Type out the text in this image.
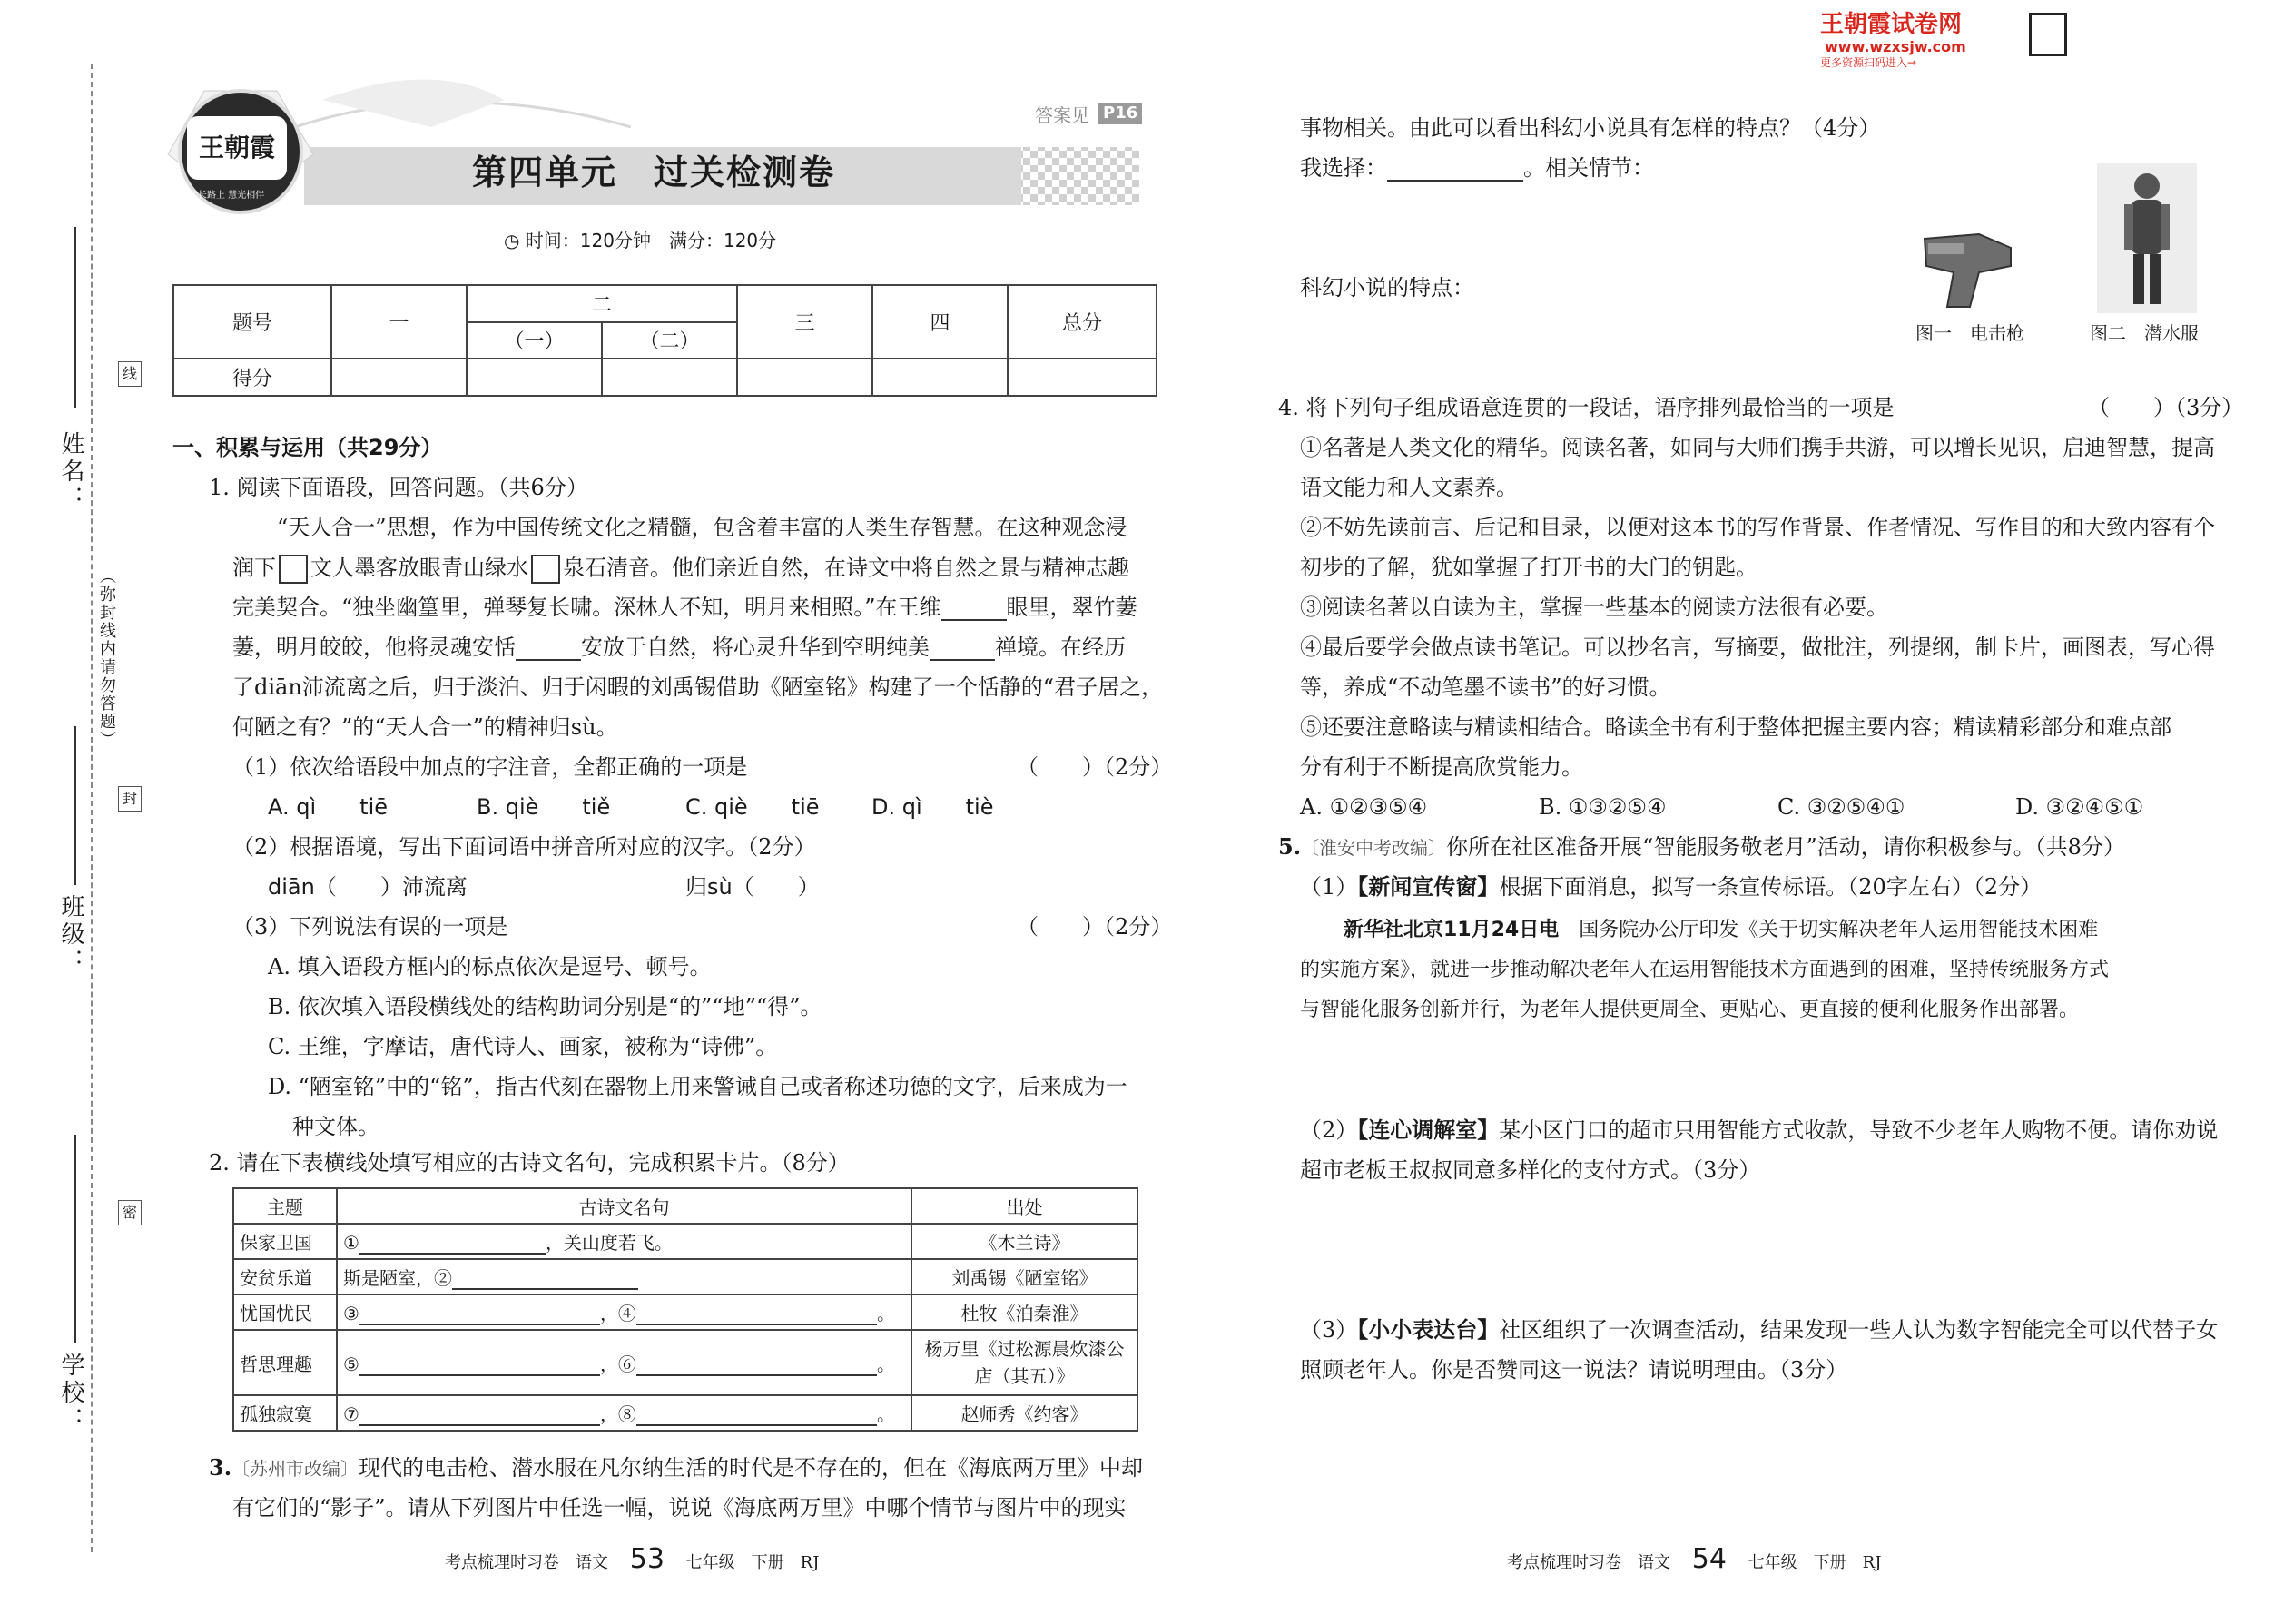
线
封
密
姓名：
（弥封线内请勿答题）
班级：
学校：
王朝霞
读长路上 慧光相伴
答案见 P16
第四单元　过关检测卷
◷ 时间：120分钟　满分：120分
题号	一	二		三	四	总分
		（一）	（二）			
得分						
一、积累与运用（共29分）
1. 阅读下面语段，回答问题。（共6分）
“天人合一”思想，作为中国传统文化之精髓，包含着丰富的人类生存智慧。在这种观念浸
润下 文人墨客放眼青山绿水 泉石清音。他们亲近自然，在诗文中将自然之景与精神志趣
完美契合。“独坐幽篁里，弹琴复长啸。深林人不知，明月来相照。”在王维	眼里，翠竹萋
萋，明月皎皎，他将灵魂安恬	安放于自然，将心灵升华到空明纯美	禅境。在经历
了diān沛流离之后，归于淡泊、归于闲暇的刘禹锡借助《陋室铭》构建了一个恬静的“君子居之，
何陋之有？”的“天人合一”的精神归sù。
（1）依次给语段中加点的字注音，全都正确的一项是	（　　）（2分）
A. qì　　tiē	B. qiè　　tiě	C. qiè　　tiē D. qì　　tiè
（2）根据语境，写出下面词语中拼音所对应的汉字。（2分）
diān（　　）沛流离	归sù（　　）
（3）下列说法有误的一项是	（　　）（2分）
A. 填入语段方框内的标点依次是逗号、顿号。
B. 依次填入语段横线处的结构助词分别是“的”“地”“得”。
C. 王维，字摩诘，唐代诗人、画家，被称为“诗佛”。
D. “陋室铭”中的“铭”，指古代刻在器物上用来警诫自己或者称述功德的文字，后来成为一
种文体。
2. 请在下表横线处填写相应的古诗文名句，完成积累卡片。（8分）
主题	古诗文名句	出处
保家卫国	① ，关山度若飞。	《木兰诗》
安贫乐道	斯是陋室，②	刘禹锡《陋室铭》
忧国忧民	③ ，④ 。	杜牧《泊秦淮》
哲思理趣	⑤ ，⑥ 。	杨万里《过松源晨炊漆公店（其五）》
孤独寂寞	⑦ ，⑧ 。	赵师秀《约客》
3.〔苏州市改编〕现代的电击枪、潜水服在凡尔纳生活的时代是不存在的，但在《海底两万里》中却
有它们的“影子”。请从下列图片中任选一幅，说说《海底两万里》中哪个情节与图片中的现实
王朝霞试卷网
www.wzxsjw.com
更多资源扫码进入→
事物相关。由此可以看出科幻小说具有怎样的特点？（4分）
我选择：	。相关情节：
科幻小说的特点：
图一　电击枪	图二　潜水服
4. 将下列句子组成语意连贯的一段话，语序排列最恰当的一项是	（　　）（3分）
①名著是人类文化的精华。阅读名著，如同与大师们携手共游，可以增长见识，启迪智慧，提高
语文能力和人文素养。
②不妨先读前言、后记和目录，以便对这本书的写作背景、作者情况、写作目的和大致内容有个
初步的了解，犹如掌握了打开书的大门的钥匙。
③阅读名著以自读为主，掌握一些基本的阅读方法很有必要。
④最后要学会做点读书笔记。可以抄名言，写摘要，做批注，列提纲，制卡片，画图表，写心得
等，养成“不动笔墨不读书”的好习惯。
⑤还要注意略读与精读相结合。略读全书有利于整体把握主要内容；精读精彩部分和难点部
分有利于不断提高欣赏能力。
A. ①②③⑤④	B. ①③②⑤④	C. ③②⑤④①	D. ③②④⑤①
5.〔淮安中考改编〕你所在社区准备开展“智能服务敬老月”活动，请你积极参与。（共8分）
（1）【新闻宣传窗】根据下面消息，拟写一条宣传标语。（20字左右）（2分）
新华社北京11月24日电　国务院办公厅印发《关于切实解决老年人运用智能技术困难
的实施方案》，就进一步推动解决老年人在运用智能技术方面遇到的困难，坚持传统服务方式
与智能化服务创新并行，为老年人提供更周全、更贴心、更直接的便利化服务作出部署。
（2）【连心调解室】某小区门口的超市只用智能方式收款，导致不少老年人购物不便。请你劝说
超市老板王叔叔同意多样化的支付方式。（3分）
（3）【小小表达台】社区组织了一次调查活动，结果发现一些人认为数字智能完全可以代替子女
照顾老年人。你是否赞同这一说法？请说明理由。（3分）
考点梳理时习卷　语文 53 七年级　下册　RJ	考点梳理时习卷　语文 54 七年级　下册　RJ
